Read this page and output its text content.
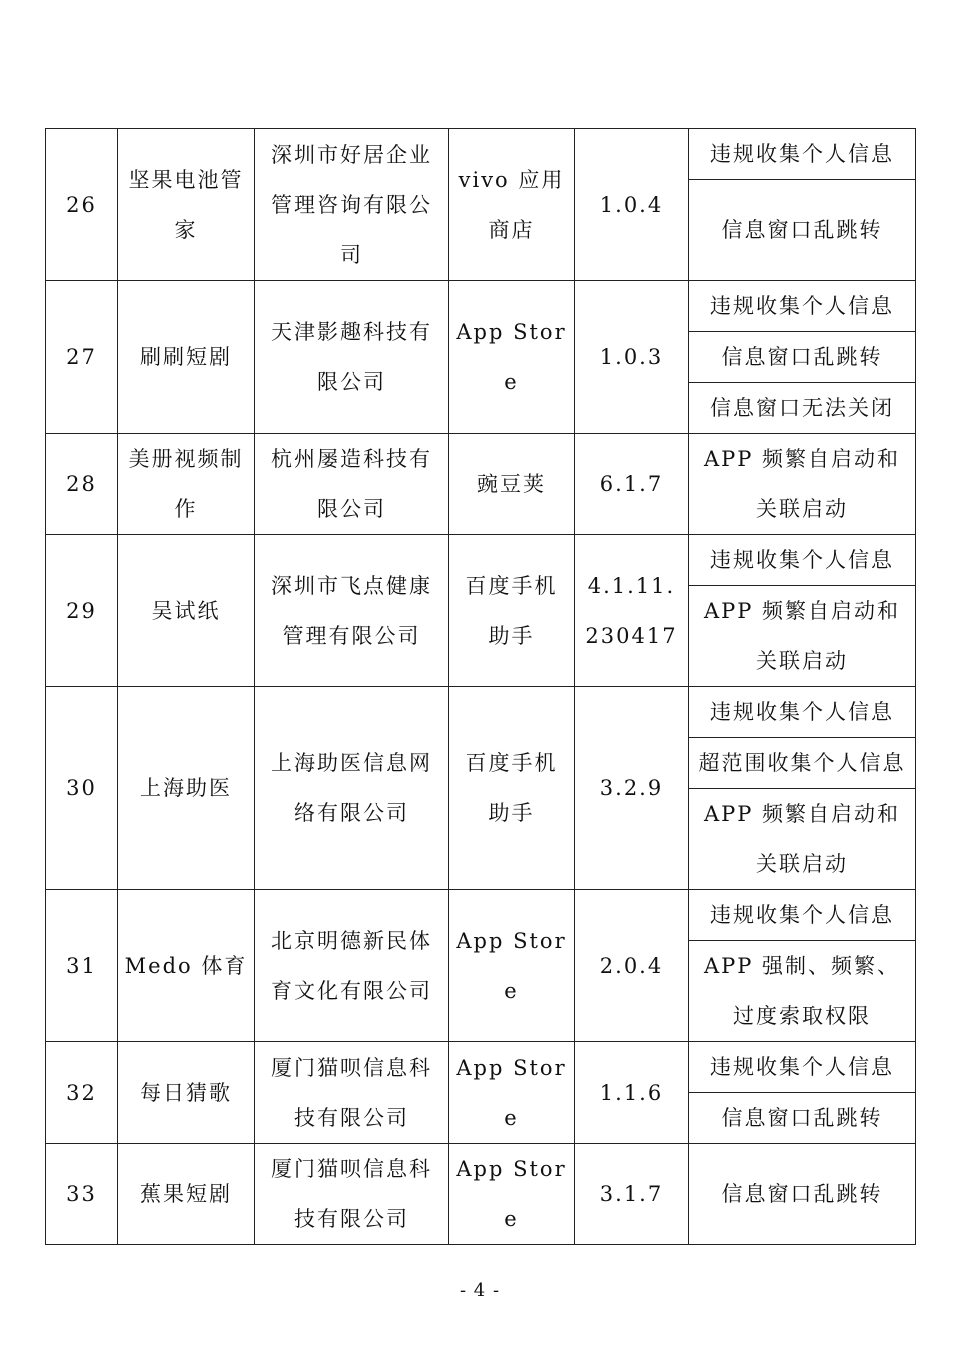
26	坚果电池管家	深圳市好居企业管理咨询有限公司	vivo 应用商店	1.0.4	违规收集个人信息
					信息窗口乱跳转
27	刷刷短剧	天津影趣科技有限公司	App Store	1.0.3	违规收集个人信息
					信息窗口乱跳转
					信息窗口无法关闭
28	美册视频制作	杭州屡造科技有限公司	豌豆荚	6.1.7	APP 频繁自启动和关联启动
29	吴试纸	深圳市飞点健康管理有限公司	百度手机助手	4.1.11.230417	违规收集个人信息
					APP 频繁自启动和关联启动
30	上海助医	上海助医信息网络有限公司	百度手机助手	3.2.9	违规收集个人信息
					超范围收集个人信息
					APP 频繁自启动和关联启动
31	Medo 体育	北京明德新民体育文化有限公司	App Store	2.0.4	违规收集个人信息
					APP 强制、频繁、过度索取权限
32	每日猜歌	厦门猫呗信息科技有限公司	App Store	1.1.6	违规收集个人信息
					信息窗口乱跳转
33	蕉果短剧	厦门猫呗信息科技有限公司	App Store	3.1.7	信息窗口乱跳转
- 4 -
